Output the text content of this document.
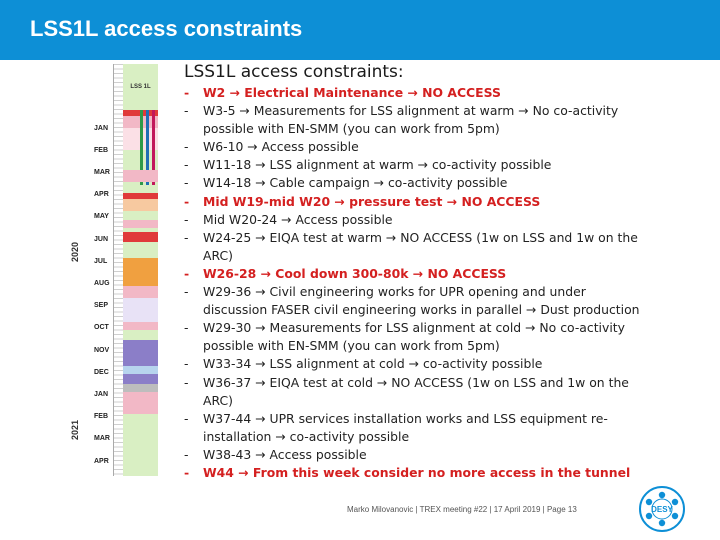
LSS1L access constraints
2020
2021
JAN
FEB
MAR
APR
MAY
JUN
JUL
AUG
SEP
OCT
NOV
DEC
JAN
FEB
MAR
APR
LSS 1L
LSS1L access constraints:
- W2 → Electrical Maintenance → NO ACCESS
- W3-5 → Measurements for LSS alignment at warm → No co-activity
possible with EN-SMM (you can work from 5pm)
- W6-10 → Access possible
- W11-18 → LSS alignment at warm → co-activity possible
- W14-18 → Cable campaign → co-activity possible
- Mid W19-mid W20 → pressure test → NO ACCESS
- Mid W20-24 → Access possible
- W24-25 → EIQA test at warm → NO ACCESS (1w on LSS and 1w on the
ARC)
- W26-28 → Cool down 300-80k → NO ACCESS
- W29-36 → Civil engineering works for UPR opening and under
discussion FASER civil engineering works in parallel → Dust production
- W29-30 → Measurements for LSS alignment at cold → No co-activity
possible with EN-SMM (you can work from 5pm)
- W33-34 → LSS alignment at cold → co-activity possible
- W36-37 → EIQA test at cold → NO ACCESS (1w on LSS and 1w on the
ARC)
- W37-44 → UPR services installation works and LSS equipment re-
installation → co-activity possible
- W38-43 → Access possible
- W44 → From this week consider no more access in the tunnel
Marko Milovanovic | TREX meeting #22 | 17 April 2019 | Page 13	DESY
